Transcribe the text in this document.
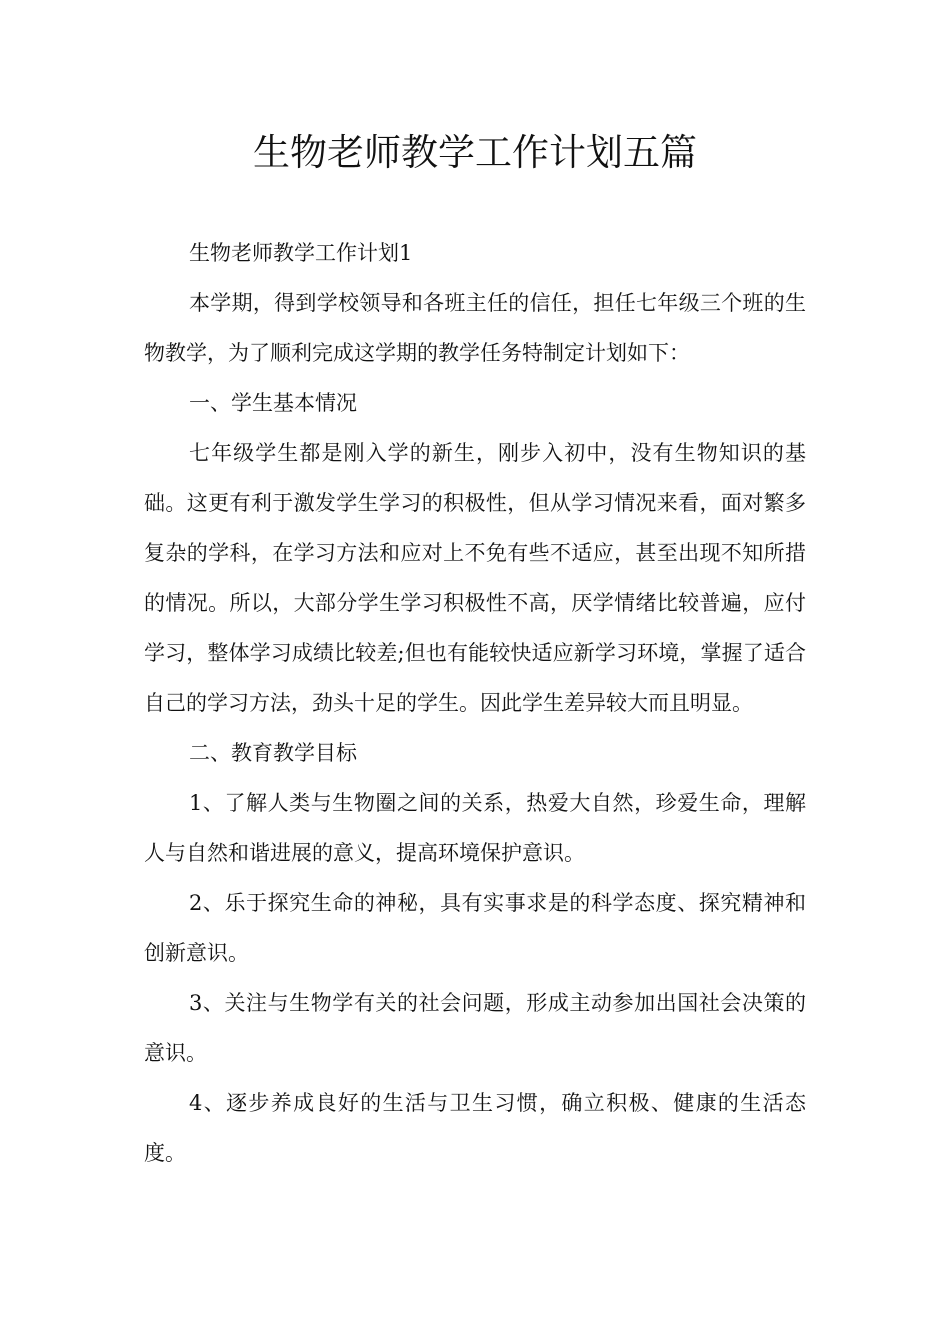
生物老师教学工作计划五篇

生物老师教学工作计划1

本学期，得到学校领导和各班主任的信任，担任七年级三个班的生物教学，为了顺利完成这学期的教学任务特制定计划如下：

一、学生基本情况

七年级学生都是刚入学的新生，刚步入初中，没有生物知识的基础。这更有利于激发学生学习的积极性，但从学习情况来看，面对繁多复杂的学科，在学习方法和应对上不免有些不适应，甚至出现不知所措的情况。所以，大部分学生学习积极性不高，厌学情绪比较普遍，应付学习，整体学习成绩比较差;但也有能较快适应新学习环境，掌握了适合自己的学习方法，劲头十足的学生。因此学生差异较大而且明显。

二、教育教学目标

1、了解人类与生物圈之间的关系，热爱大自然，珍爱生命，理解人与自然和谐进展的意义，提高环境保护意识。

2、乐于探究生命的神秘，具有实事求是的科学态度、探究精神和创新意识。

3、关注与生物学有关的社会问题，形成主动参加出国社会决策的意识。

4、逐步养成良好的生活与卫生习惯，确立积极、健康的生活态度。
